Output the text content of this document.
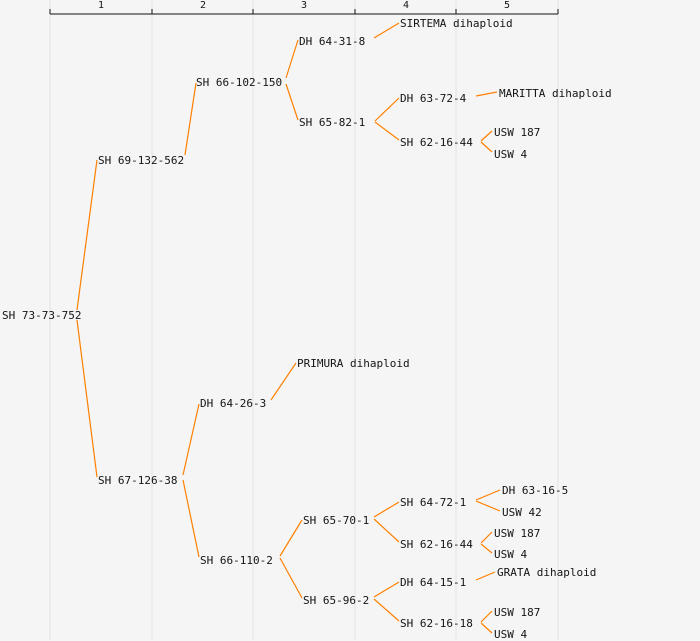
1	2	3	4	5
SH 73-73-752
SH 69-132-562
SH 67-126-38
SH 66-102-150
DH 64-26-3
SH 66-110-2
DH 64-31-8
SH 65-82-1
PRIMURA dihaploid
SH 65-70-1
SH 65-96-2
SIRTEMA dihaploid
DH 63-72-4
SH 62-16-44
SH 64-72-1
SH 62-16-44
DH 64-15-1
SH 62-16-18
MARITTA dihaploid
USW 187
USW 4
DH 63-16-5
USW 42
USW 187
USW 4
GRATA dihaploid
USW 187
USW 4
